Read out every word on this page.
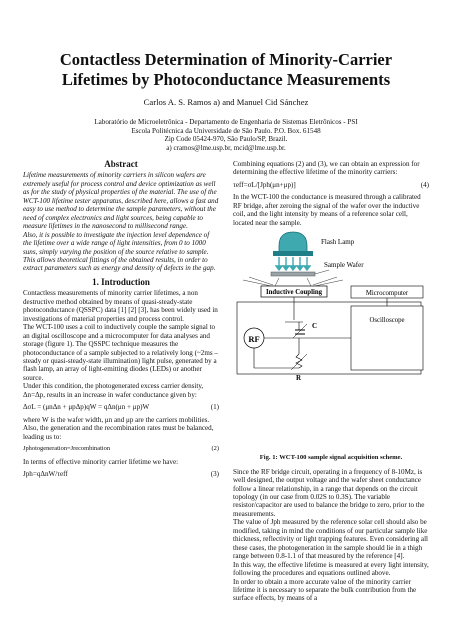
Contactless Determination of Minority-Carrier
Lifetimes by Photoconductance Measurements
Carlos A. S. Ramos a) and Manuel Cid Sánchez
Laboratório de Microeletrônica - Departamento de Engenharia de Sistemas Eletrônicos - PSI
Escola Politécnica da Universidade de São Paulo. P.O. Box. 61548
Zip Code 05424-970, São Paulo/SP, Brazil.
a) cramos@lme.usp.br, mcid@lme.usp.br.
Abstract
Lifetime measurements of minority carriers in silicon wafers are extremely useful for process control and device optimization as well as for the study of physical properties of the material. The use of the WCT-100 lifetime tester apparatus, described here, allows a fast and easy to use method to determine the sample parameters, without the need of complex electronics and light sources, being capable to measure lifetimes in the nanosecond to millisecond range.
Also, it is possible to investigate the injection level dependence of the lifetime over a wide range of light intensities, from 0 to 1000 suns, simply varying the position of the source relative to sample. This allows theoretical fittings of the obtained results, in order to extract parameters such as energy and density of defects in the gap.
1. Introduction
Contactless measurements of minority carrier lifetimes, a non destructive method obtained by means of quasi-steady-state photoconductance (QSSPC) data [1] [2] [3], has been widely used in investigations of material properties and process control.
The WCT-100 uses a coil to inductively couple the sample signal to an digital oscilloscope and a microcomputer for data analyses and storage (figure 1). The QSSPC technique measures the photoconductance of a sample subjected to a relatively long (~2ms – steady or quasi-steady-state illumination) light pulse, generated by a flash lamp, an array of light-emitting diodes (LEDs) or another source.
Under this condition, the photogenerated excess carrier density, Δn=Δp, results in an increase in wafer conductance given by:
ΔσL = (μnΔn + μpΔp)qW = qΔn(μn + μp)W	(1)
where W is the wafer width, μn and μp are the carriers mobilities.
Also, the generation and the recombination rates must be balanced, leading us to:
Jphotogeneration=Jrecombination	(2)
In terms of effective minority carrier lifetime we have:
Jph=qΔnW/τeff	(3)
Combining equations (2) and (3), we can obtain an expression for determining the effective lifetime of the minority carriers:
τeff=σL/[Jph(μn+μp)]	(4)
In the WCT-100 the conductance is measured through a calibrated RF bridge, after zeroing the signal of the wafer over the inductive coil, and the light intensity by means of a reference solar cell, located near the sample.
Flash Lamp
Sample Wafer
Inductive Coupling
RF
C
R
Microcomputer
Oscilloscope
Fig. 1: WCT-100 sample signal acquisition scheme.
Since the RF bridge circuit, operating in a frequency of 8-10Mz, is well designed, the output voltage and the wafer sheet conductance follow a linear relationship, in a range that depends on the circuit topology (in our case from 0.02S to 0.3S). The variable resistor/capacitor are used to balance the bridge to zero, prior to the measurements.
The value of Jph measured by the reference solar cell should also be modified, taking in mind the conditions of our particular sample like thickness, reflectivity or light trapping features. Even considering all these cases, the photogeneration in the sample should lie in a thigh range between 0.8-1.1 of that measured by the reference [4].
In this way, the effective lifetime is measured at every light intensity, following the procedures and equations outlined above.
In order to obtain a more accurate value of the minority carrier lifetime it is necessary to separate the bulk contribution from the surface effects, by means of a
